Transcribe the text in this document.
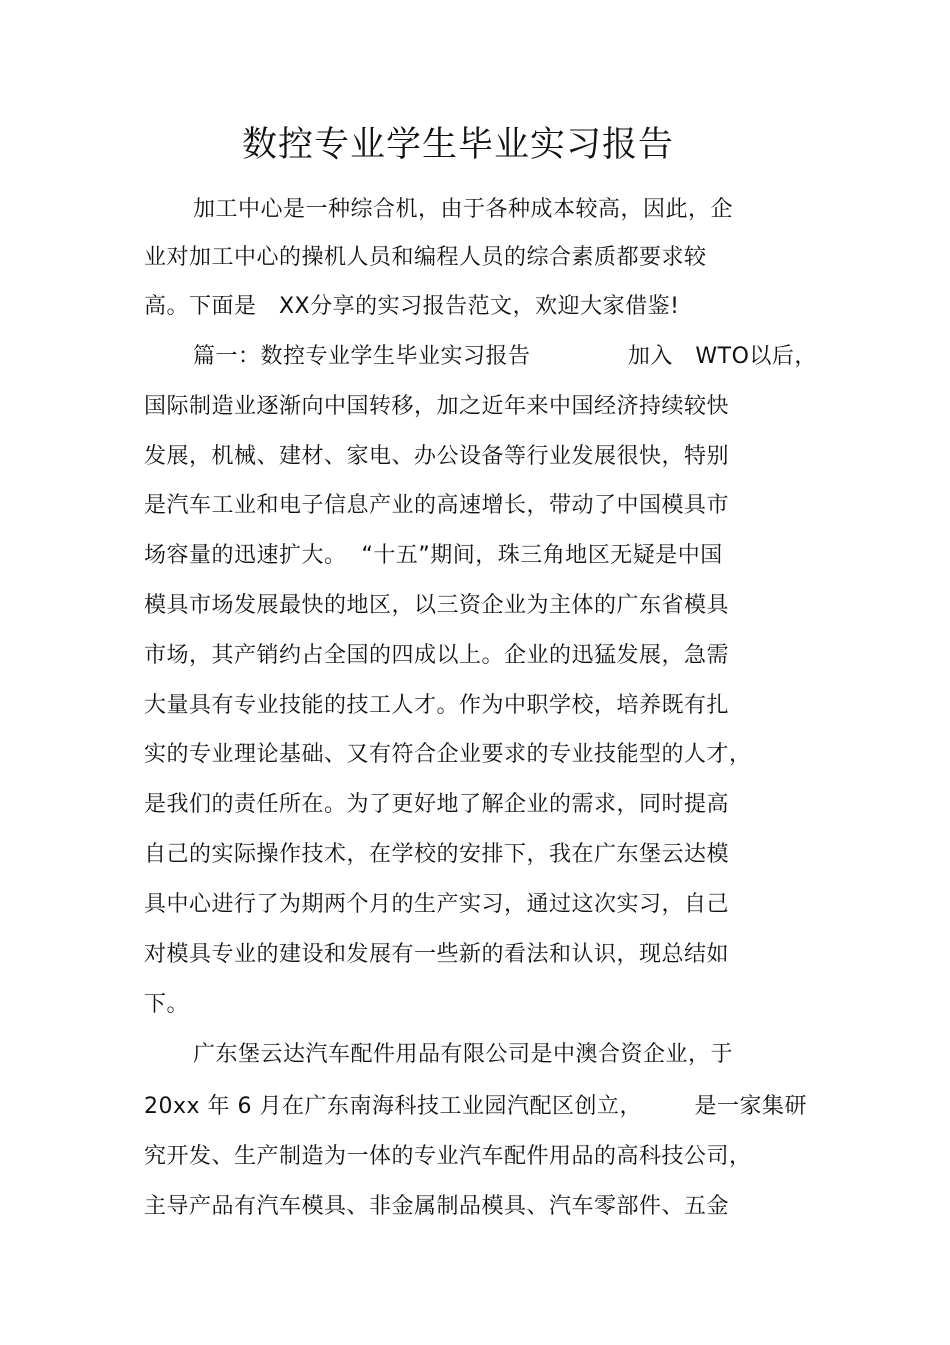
数控专业学生毕业实习报告
加工中心是一种综合机，由于各种成本较高，因此，企
业对加工中心的操机人员和编程人员的综合素质都要求较
高。下面是   XX分享的实习报告范文，欢迎大家借鉴!
篇一：数控专业学生毕业实习报告             加入   WTO以后，
国际制造业逐渐向中国转移，加之近年来中国经济持续较快
发展，机械、建材、家电、办公设备等行业发展很快，特别
是汽车工业和电子信息产业的高速增长，带动了中国模具市
场容量的迅速扩大。  “十五”期间，珠三角地区无疑是中国
模具市场发展最快的地区，以三资企业为主体的广东省模具
市场，其产销约占全国的四成以上。企业的迅猛发展，急需
大量具有专业技能的技工人才。作为中职学校，培养既有扎
实的专业理论基础、又有符合企业要求的专业技能型的人才，
是我们的责任所在。为了更好地了解企业的需求，同时提高
自己的实际操作技术，在学校的安排下，我在广东堡云达模
具中心进行了为期两个月的生产实习，通过这次实习，自己
对模具专业的建设和发展有一些新的看法和认识，现总结如
下。
广东堡云达汽车配件用品有限公司是中澳合资企业，于
20xx 年 6 月在广东南海科技工业园汽配区创立，       是一家集研
究开发、生产制造为一体的专业汽车配件用品的高科技公司，
主导产品有汽车模具、非金属制品模具、汽车零部件、五金
